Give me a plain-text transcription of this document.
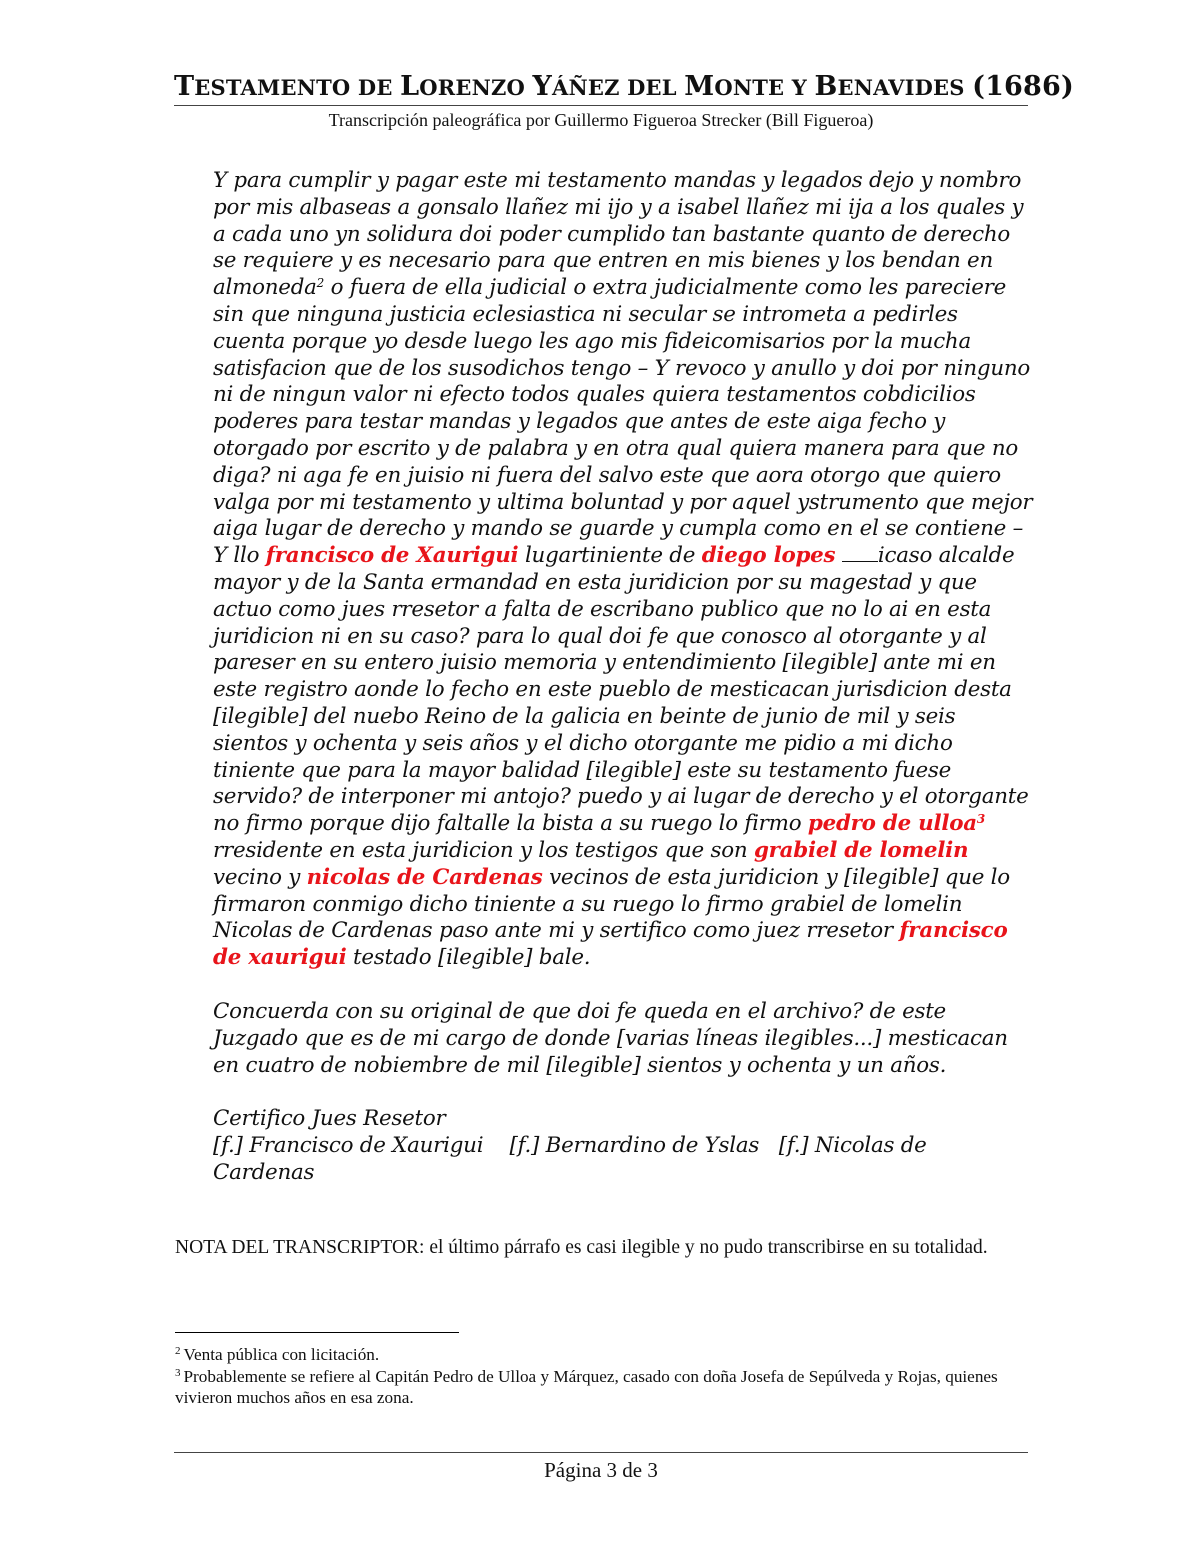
TESTAMENTO DE LORENZO YÁÑEZ DEL MONTE Y BENAVIDES (1686)
Transcripción paleográfica por Guillermo Figueroa Strecker (Bill Figueroa)

Y para cumplir y pagar este mi testamento mandas y legados dejo y nombro por mis albaseas a gonsalo llañez mi ijo y a isabel llañez mi ija a los quales y a cada uno yn solidura doi poder cumplido tan bastante quanto de derecho se requiere y es necesario para que entren en mis bienes y los bendan en almoneda$^2$ o fuera de ella judicial o extra judicialmente como les pareciere sin que ninguna justicia eclesiastica ni secular se intrometa a pedirles cuenta porque yo desde luego les ago mis fideicomisarios por la mucha satisfacion que de los susodichos tengo – Y revoco y anullo y doi por ninguno ni de ningun valor ni efecto todos quales quiera testamentos cobdicilios poderes para testar mandas y legados que antes de este aiga fecho y otorgado por escrito y de palabra y en otra qual quiera manera para que no diga? ni aga fe en juisio ni fuera del salvo este que aora otorgo que quiero valga por mi testamento y ultima boluntad y por aquel ystrumento que mejor aiga lugar de derecho y mando se guarde y cumpla como en el se contiene – Y llo francisco de Xaurigui lugartiniente de diego lopes icaso alcalde mayor y de la Santa ermandad en esta juridicion por su magestad y que actuo como jues rresetor a falta de escribano publico que no lo ai en esta juridicion ni en su caso? para lo qual doi fe que conosco al otorgante y al pareser en su entero juisio memoria y entendimiento [ilegible] ante mi en este registro aonde lo fecho en este pueblo de mesticacan jurisdicion desta [ilegible] del nuebo Reino de la galicia en beinte de junio de mil y seis sientos y ochenta y seis años y el dicho otorgante me pidio a mi dicho tiniente que para la mayor balidad [ilegible] este su testamento fuese servido? de interponer mi antojo? puedo y ai lugar de derecho y el otorgante no firmo porque dijo faltalle la bista a su ruego lo firmo pedro de ulloa$^3$ rresidente en esta juridicion y los testigos que son grabiel de lomelin vecino y nicolas de Cardenas vecinos de esta juridicion y [ilegible] que lo firmaron conmigo dicho tiniente a su ruego lo firmo grabiel de lomelin Nicolas de Cardenas paso ante mi y sertifico como juez rresetor francisco de xaurigui testado [ilegible] bale.

Concuerda con su original de que doi fe queda en el archivo? de este Juzgado que es de mi cargo de donde [varias líneas ilegibles...] mesticacan en cuatro de nobiembre de mil [ilegible] sientos y ochenta y un años.

Certifico Jues Resetor

[f.] Francisco de Xaurigui    [f.] Bernardino de Yslas   [f.] Nicolas de Cardenas

NOTA DEL TRANSCRIPTOR: el último párrafo es casi ilegible y no pudo transcribirse en su totalidad.

$^2$ Venta pública con licitación.

$^3$ Probablemente se refiere al Capitán Pedro de Ulloa y Márquez, casado con doña Josefa de Sepúlveda y Rojas, quienes vivieron muchos años en esa zona.

Página 3 de 3
